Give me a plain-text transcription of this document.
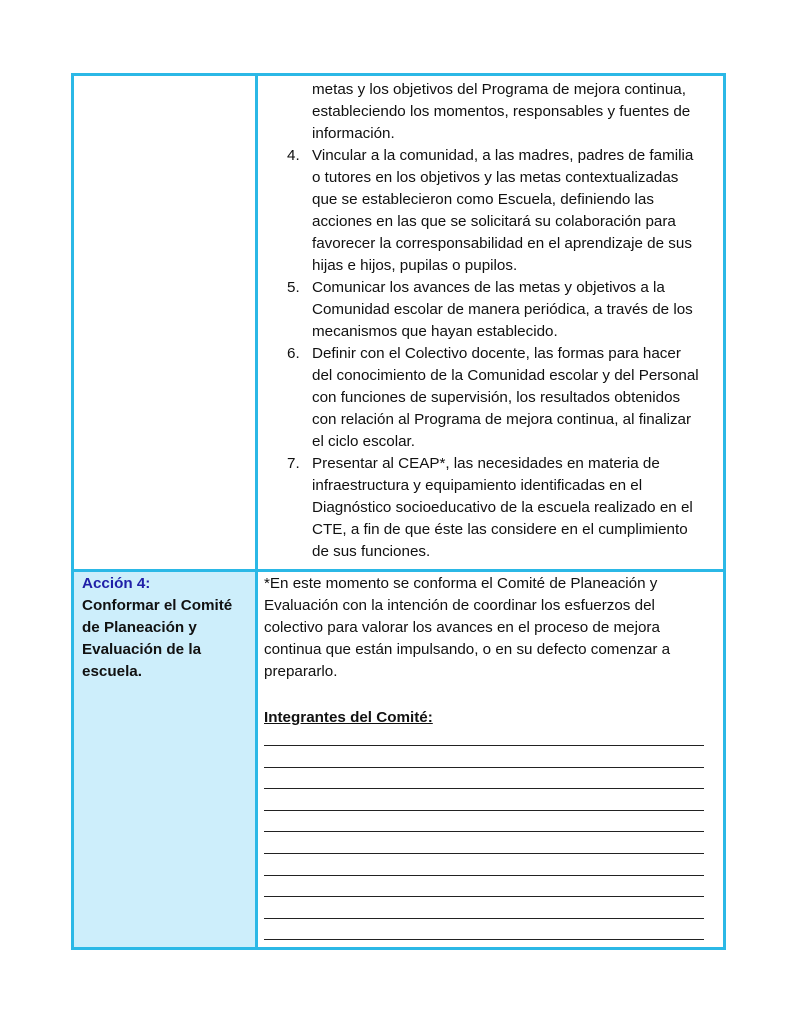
metas y los objetivos del Programa de mejora continua,
estableciendo los momentos, responsables y fuentes de
información.
4. Vincular a la comunidad, a las madres, padres de familia
o tutores en los objetivos y las metas contextualizadas
que se establecieron como Escuela, definiendo las
acciones en las que se solicitará su colaboración para
favorecer la corresponsabilidad en el aprendizaje de sus
hijas e hijos, pupilas o pupilos.
5. Comunicar los avances de las metas y objetivos a la
Comunidad escolar de manera periódica, a través de los
mecanismos que hayan establecido.
6. Definir con el Colectivo docente, las formas para hacer
del conocimiento de la Comunidad escolar y del Personal
con funciones de supervisión, los resultados obtenidos
con relación al Programa de mejora continua, al finalizar
el ciclo escolar.
7. Presentar al CEAP*, las necesidades en materia de
infraestructura y equipamiento identificadas en el
Diagnóstico socioeducativo de la escuela realizado en el
CTE, a fin de que éste las considere en el cumplimiento
de sus funciones.
Acción 4:
Conformar el Comité
de Planeación y
Evaluación de la
escuela.
*En este momento se conforma el Comité de Planeación y
Evaluación con la intención de coordinar los esfuerzos del
colectivo para valorar los avances en el proceso de mejora
continua que están impulsando, o en su defecto comenzar a
prepararlo.
Integrantes del Comité:
